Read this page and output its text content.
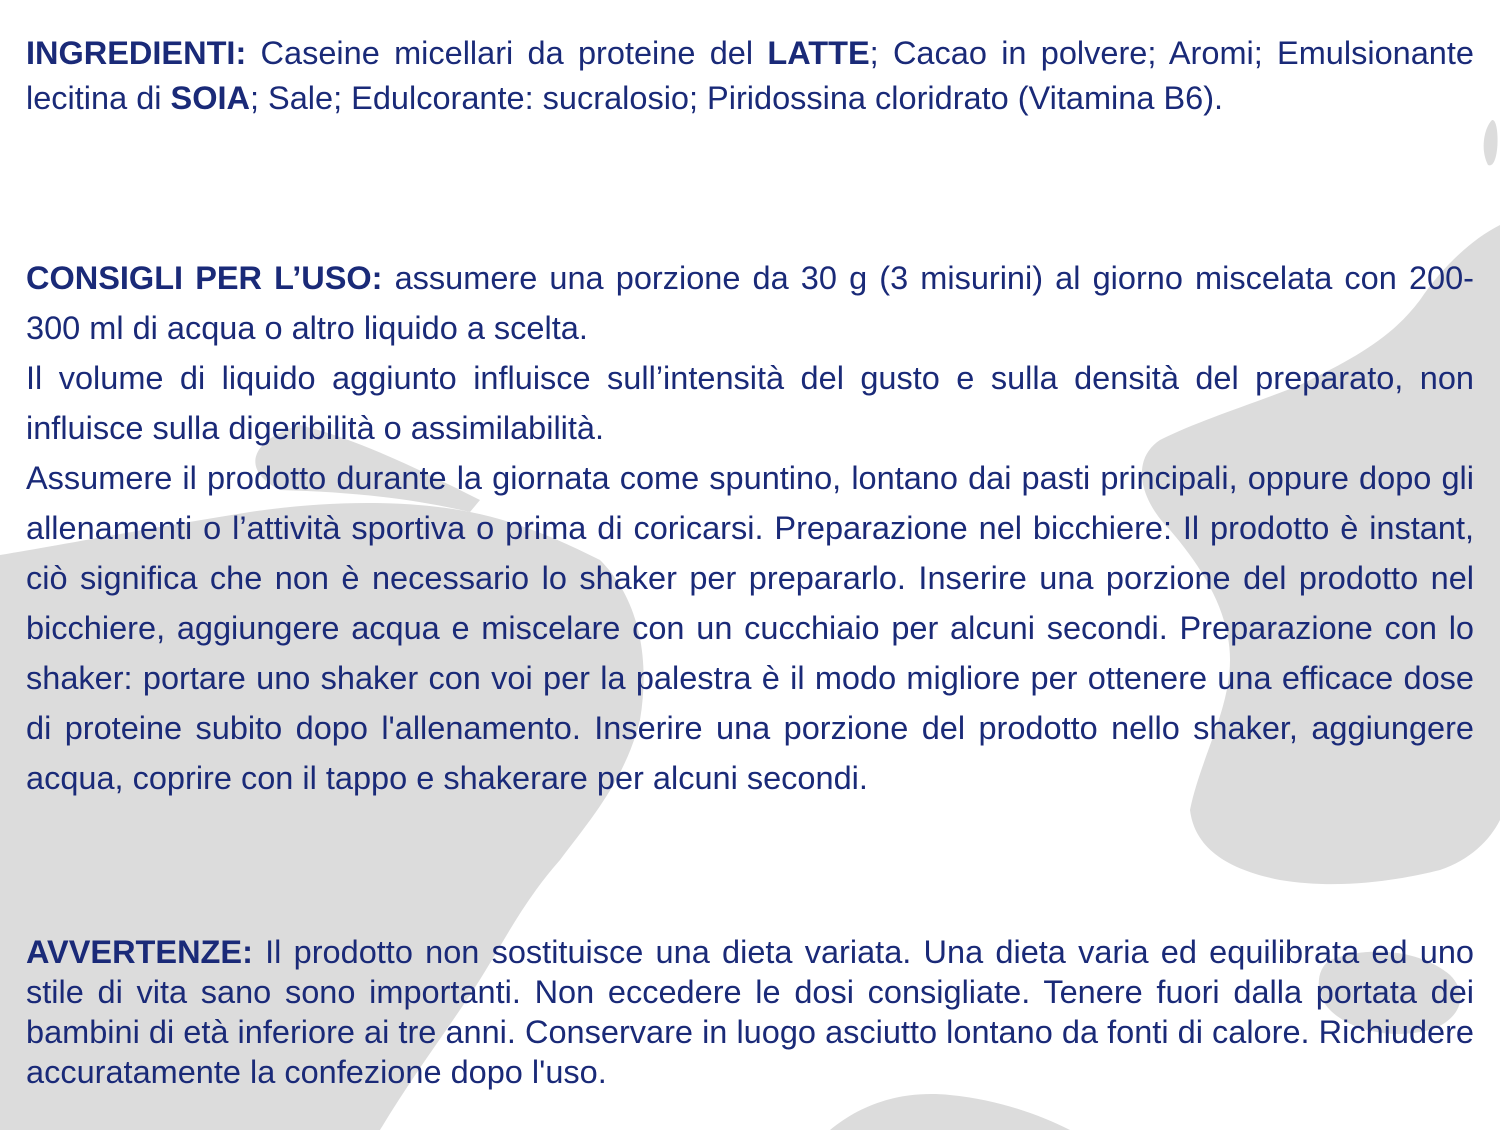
INGREDIENTI: Caseine micellari da proteine del LATTE; Cacao in polvere; Aromi; Emulsionante lecitina di SOIA; Sale; Edulcorante: sucralosio; Piridossina cloridrato (Vitamina B6).

CONSIGLI PER L’USO: assumere una porzione da 30 g (3 misurini) al giorno miscelata con 200-300 ml di acqua o altro liquido a scelta.

Il volume di liquido aggiunto influisce sull’intensità del gusto e sulla densità del preparato, non influisce sulla digeribilità o assimilabilità.

Assumere il prodotto durante la giornata come spuntino, lontano dai pasti principali, oppure dopo gli allenamenti o l’attività sportiva o prima di coricarsi. Preparazione nel bicchiere: Il prodotto è instant, ciò significa che non è necessario lo shaker per prepararlo. Inserire una porzione del prodotto nel bicchiere, aggiungere acqua e miscelare con un cucchiaio per alcuni secondi. Preparazione con lo shaker: portare uno shaker con voi per la palestra è il modo migliore per ottenere una efficace dose di proteine subito dopo l'allenamento. Inserire una porzione del prodotto nello shaker, aggiungere acqua, coprire con il tappo e shakerare per alcuni secondi.

AVVERTENZE: Il prodotto non sostituisce una dieta variata. Una dieta varia ed equilibrata ed uno stile di vita sano sono importanti. Non eccedere le dosi consigliate. Tenere fuori dalla portata dei bambini di età inferiore ai tre anni. Conservare in luogo asciutto lontano da fonti di calore. Richiudere accuratamente la confezione dopo l'uso.
